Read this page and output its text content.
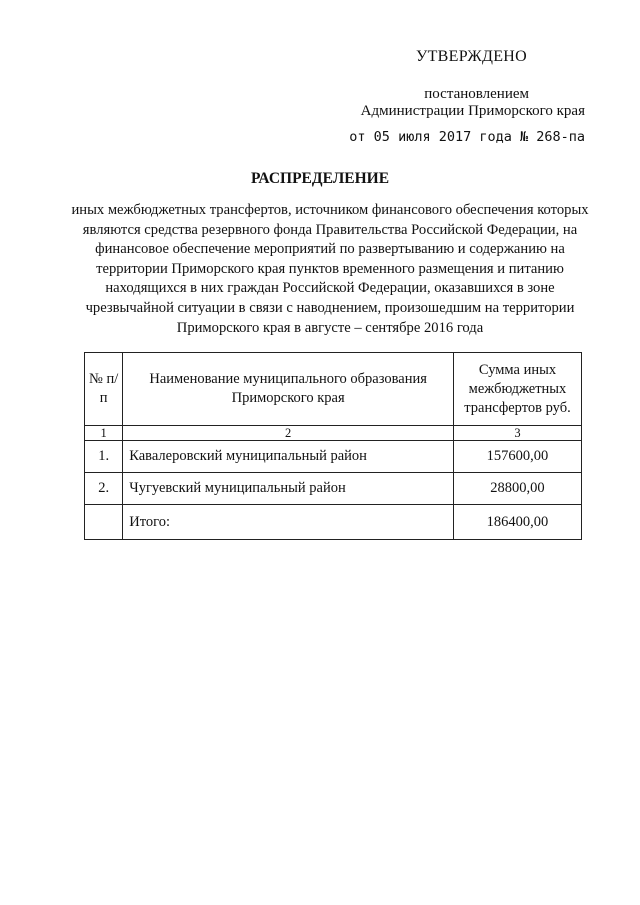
УТВЕРЖДЕНО
постановлением
Администрации Приморского края
от 05 июля 2017 года № 268-па
РАСПРЕДЕЛЕНИЕ
иных межбюджетных трансфертов, источником финансового обеспечения которых являются средства резервного фонда Правительства Российской Федерации, на финансовое обеспечение мероприятий по развертыванию и содержанию на территории Приморского края пунктов временного размещения и питанию находящихся в них граждан Российской Федерации, оказавшихся в зоне чрезвычайной ситуации в связи с наводнением, произошедшим на территории Приморского края в августе – сентябре 2016 года
№ п/п	Наименование муниципального образования Приморского края	Сумма иных межбюджетных трансфертов руб.
1	2	3
1.	Кавалеровский муниципальный район	157600,00
2.	Чугуевский муниципальный район	28800,00
	Итого:	186400,00
